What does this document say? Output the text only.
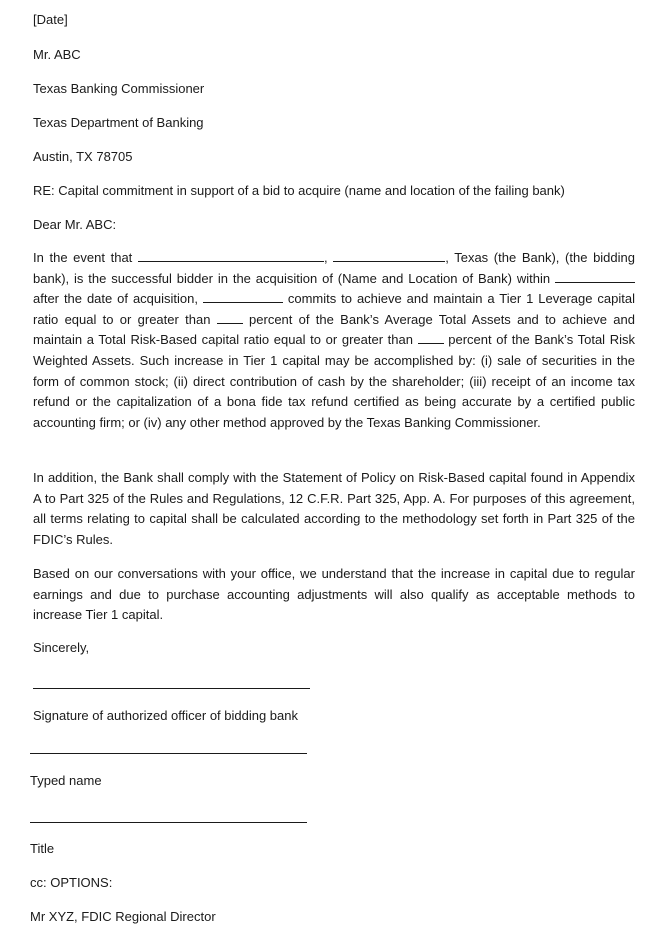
[Date]
Mr. ABC
Texas Banking Commissioner
Texas Department of Banking
Austin, TX 78705
RE: Capital commitment in support of a bid to acquire (name and location of the failing bank)
Dear Mr. ABC:
In the event that	,	, Texas (the Bank), (the bidding bank), is the successful bidder in the acquisition of (Name and Location of Bank) within  after the date of acquisition,	commits to achieve and maintain a Tier 1 Leverage capital ratio equal to or greater than	percent of the Bank’s Average Total Assets and to achieve and maintain a Total Risk-Based capital ratio equal to or greater than	percent of the Bank’s Total Risk Weighted Assets. Such increase in Tier 1 capital may be accomplished by: (i) sale of securities in the form of common stock; (ii) direct contribution of cash by the shareholder; (iii) receipt of an income tax refund or the capitalization of a bona fide tax refund certified as being accurate by a certified public accounting firm; or (iv) any other method approved by the Texas Banking Commissioner.
In addition, the Bank shall comply with the Statement of Policy on Risk-Based capital found in Appendix A to Part 325 of the Rules and Regulations, 12 C.F.R. Part 325, App. A. For purposes of this agreement, all terms relating to capital shall be calculated according to the methodology set forth in Part 325 of the FDIC’s Rules.
Based on our conversations with your office, we understand that the increase in capital due to regular earnings and due to purchase accounting adjustments will also qualify as acceptable methods to increase Tier 1 capital.
Sincerely,
Signature of authorized officer of bidding bank
Typed name
Title
cc: OPTIONS:
Mr XYZ, FDIC Regional Director
